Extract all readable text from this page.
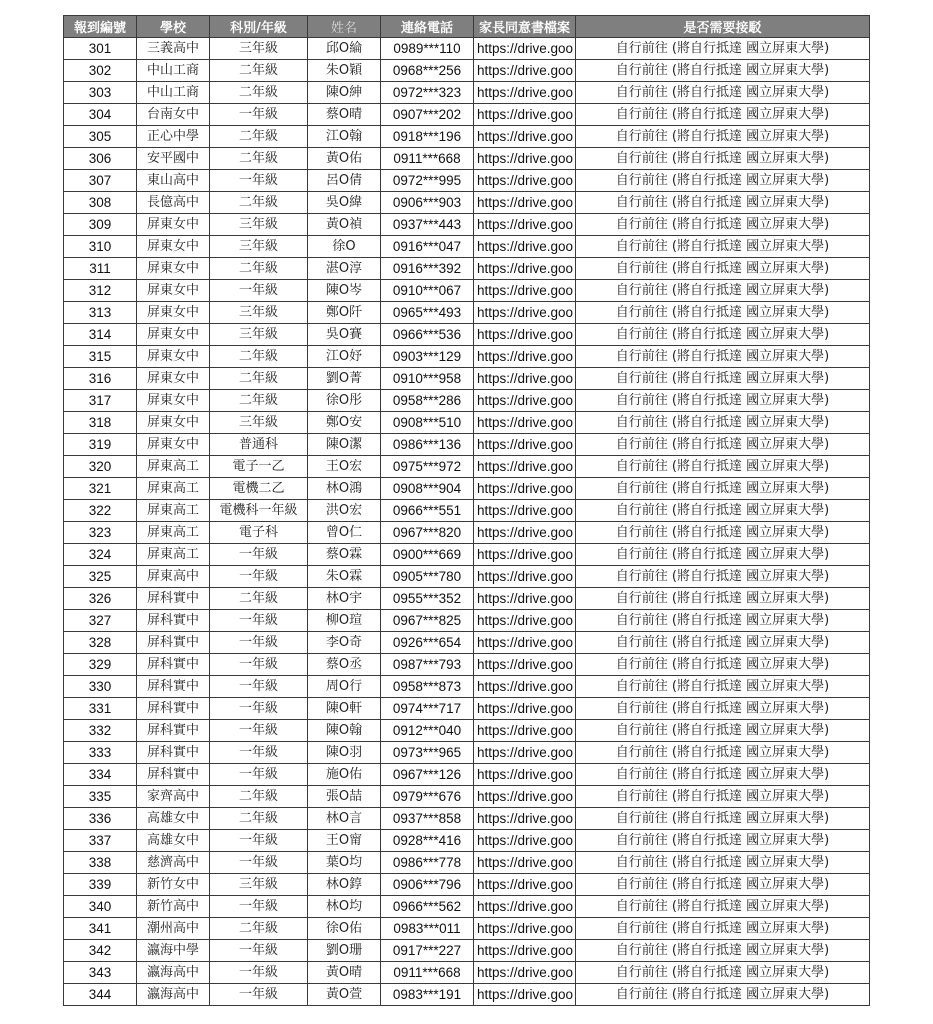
報到編號	學校	科別/年級	姓名	連絡電話	家長同意書檔案	是否需要接駁
301	三義高中	三年級	邱O綸	0989***110	https://drive.goo	自行前往 (將自行抵達 國立屏東大學)
302	中山工商	二年級	朱O穎	0968***256	https://drive.goo	自行前往 (將自行抵達 國立屏東大學)
303	中山工商	二年級	陳O紳	0972***323	https://drive.goo	自行前往 (將自行抵達 國立屏東大學)
304	台南女中	一年級	蔡O晴	0907***202	https://drive.goo	自行前往 (將自行抵達 國立屏東大學)
305	正心中學	二年級	江O翰	0918***196	https://drive.goo	自行前往 (將自行抵達 國立屏東大學)
306	安平國中	二年級	黃O佑	0911***668	https://drive.goo	自行前往 (將自行抵達 國立屏東大學)
307	東山高中	一年級	呂O倩	0972***995	https://drive.goo	自行前往 (將自行抵達 國立屏東大學)
308	長億高中	二年級	吳O緯	0906***903	https://drive.goo	自行前往 (將自行抵達 國立屏東大學)
309	屏東女中	三年級	黃O禎	0937***443	https://drive.goo	自行前往 (將自行抵達 國立屏東大學)
310	屏東女中	三年級	徐O	0916***047	https://drive.goo	自行前往 (將自行抵達 國立屏東大學)
311	屏東女中	二年級	湛O淳	0916***392	https://drive.goo	自行前往 (將自行抵達 國立屏東大學)
312	屏東女中	一年級	陳O岑	0910***067	https://drive.goo	自行前往 (將自行抵達 國立屏東大學)
313	屏東女中	三年級	鄭O阡	0965***493	https://drive.goo	自行前往 (將自行抵達 國立屏東大學)
314	屏東女中	三年級	吳O賽	0966***536	https://drive.goo	自行前往 (將自行抵達 國立屏東大學)
315	屏東女中	二年級	江O妤	0903***129	https://drive.goo	自行前往 (將自行抵達 國立屏東大學)
316	屏東女中	二年級	劉O菁	0910***958	https://drive.goo	自行前往 (將自行抵達 國立屏東大學)
317	屏東女中	二年級	徐O彤	0958***286	https://drive.goo	自行前往 (將自行抵達 國立屏東大學)
318	屏東女中	三年級	鄭O安	0908***510	https://drive.goo	自行前往 (將自行抵達 國立屏東大學)
319	屏東女中	普通科	陳O潔	0986***136	https://drive.goo	自行前往 (將自行抵達 國立屏東大學)
320	屏東高工	電子一乙	王O宏	0975***972	https://drive.goo	自行前往 (將自行抵達 國立屏東大學)
321	屏東高工	電機二乙	林O鴻	0908***904	https://drive.goo	自行前往 (將自行抵達 國立屏東大學)
322	屏東高工	電機科一年級	洪O宏	0966***551	https://drive.goo	自行前往 (將自行抵達 國立屏東大學)
323	屏東高工	電子科	曾O仁	0967***820	https://drive.goo	自行前往 (將自行抵達 國立屏東大學)
324	屏東高工	一年級	蔡O霖	0900***669	https://drive.goo	自行前往 (將自行抵達 國立屏東大學)
325	屏東高中	一年級	朱O霖	0905***780	https://drive.goo	自行前往 (將自行抵達 國立屏東大學)
326	屏科實中	二年級	林O宇	0955***352	https://drive.goo	自行前往 (將自行抵達 國立屏東大學)
327	屏科實中	一年級	柳O瑄	0967***825	https://drive.goo	自行前往 (將自行抵達 國立屏東大學)
328	屏科實中	一年級	李O奇	0926***654	https://drive.goo	自行前往 (將自行抵達 國立屏東大學)
329	屏科實中	一年級	蔡O丞	0987***793	https://drive.goo	自行前往 (將自行抵達 國立屏東大學)
330	屏科實中	一年級	周O行	0958***873	https://drive.goo	自行前往 (將自行抵達 國立屏東大學)
331	屏科實中	一年級	陳O軒	0974***717	https://drive.goo	自行前往 (將自行抵達 國立屏東大學)
332	屏科實中	一年級	陳O翰	0912***040	https://drive.goo	自行前往 (將自行抵達 國立屏東大學)
333	屏科實中	一年級	陳O羽	0973***965	https://drive.goo	自行前往 (將自行抵達 國立屏東大學)
334	屏科實中	一年級	施O佑	0967***126	https://drive.goo	自行前往 (將自行抵達 國立屏東大學)
335	家齊高中	二年級	張O喆	0979***676	https://drive.goo	自行前往 (將自行抵達 國立屏東大學)
336	高雄女中	二年級	林O言	0937***858	https://drive.goo	自行前往 (將自行抵達 國立屏東大學)
337	高雄女中	一年級	王O甯	0928***416	https://drive.goo	自行前往 (將自行抵達 國立屏東大學)
338	慈濟高中	一年級	葉O均	0986***778	https://drive.goo	自行前往 (將自行抵達 國立屏東大學)
339	新竹女中	三年級	林O錞	0906***796	https://drive.goo	自行前往 (將自行抵達 國立屏東大學)
340	新竹高中	一年級	林O均	0966***562	https://drive.goo	自行前往 (將自行抵達 國立屏東大學)
341	潮州高中	二年級	徐O佑	0983***011	https://drive.goo	自行前往 (將自行抵達 國立屏東大學)
342	瀛海中學	一年級	劉O珊	0917***227	https://drive.goo	自行前往 (將自行抵達 國立屏東大學)
343	瀛海高中	一年級	黃O晴	0911***668	https://drive.goo	自行前往 (將自行抵達 國立屏東大學)
344	瀛海高中	一年級	黃O萱	0983***191	https://drive.goo	自行前往 (將自行抵達 國立屏東大學)
